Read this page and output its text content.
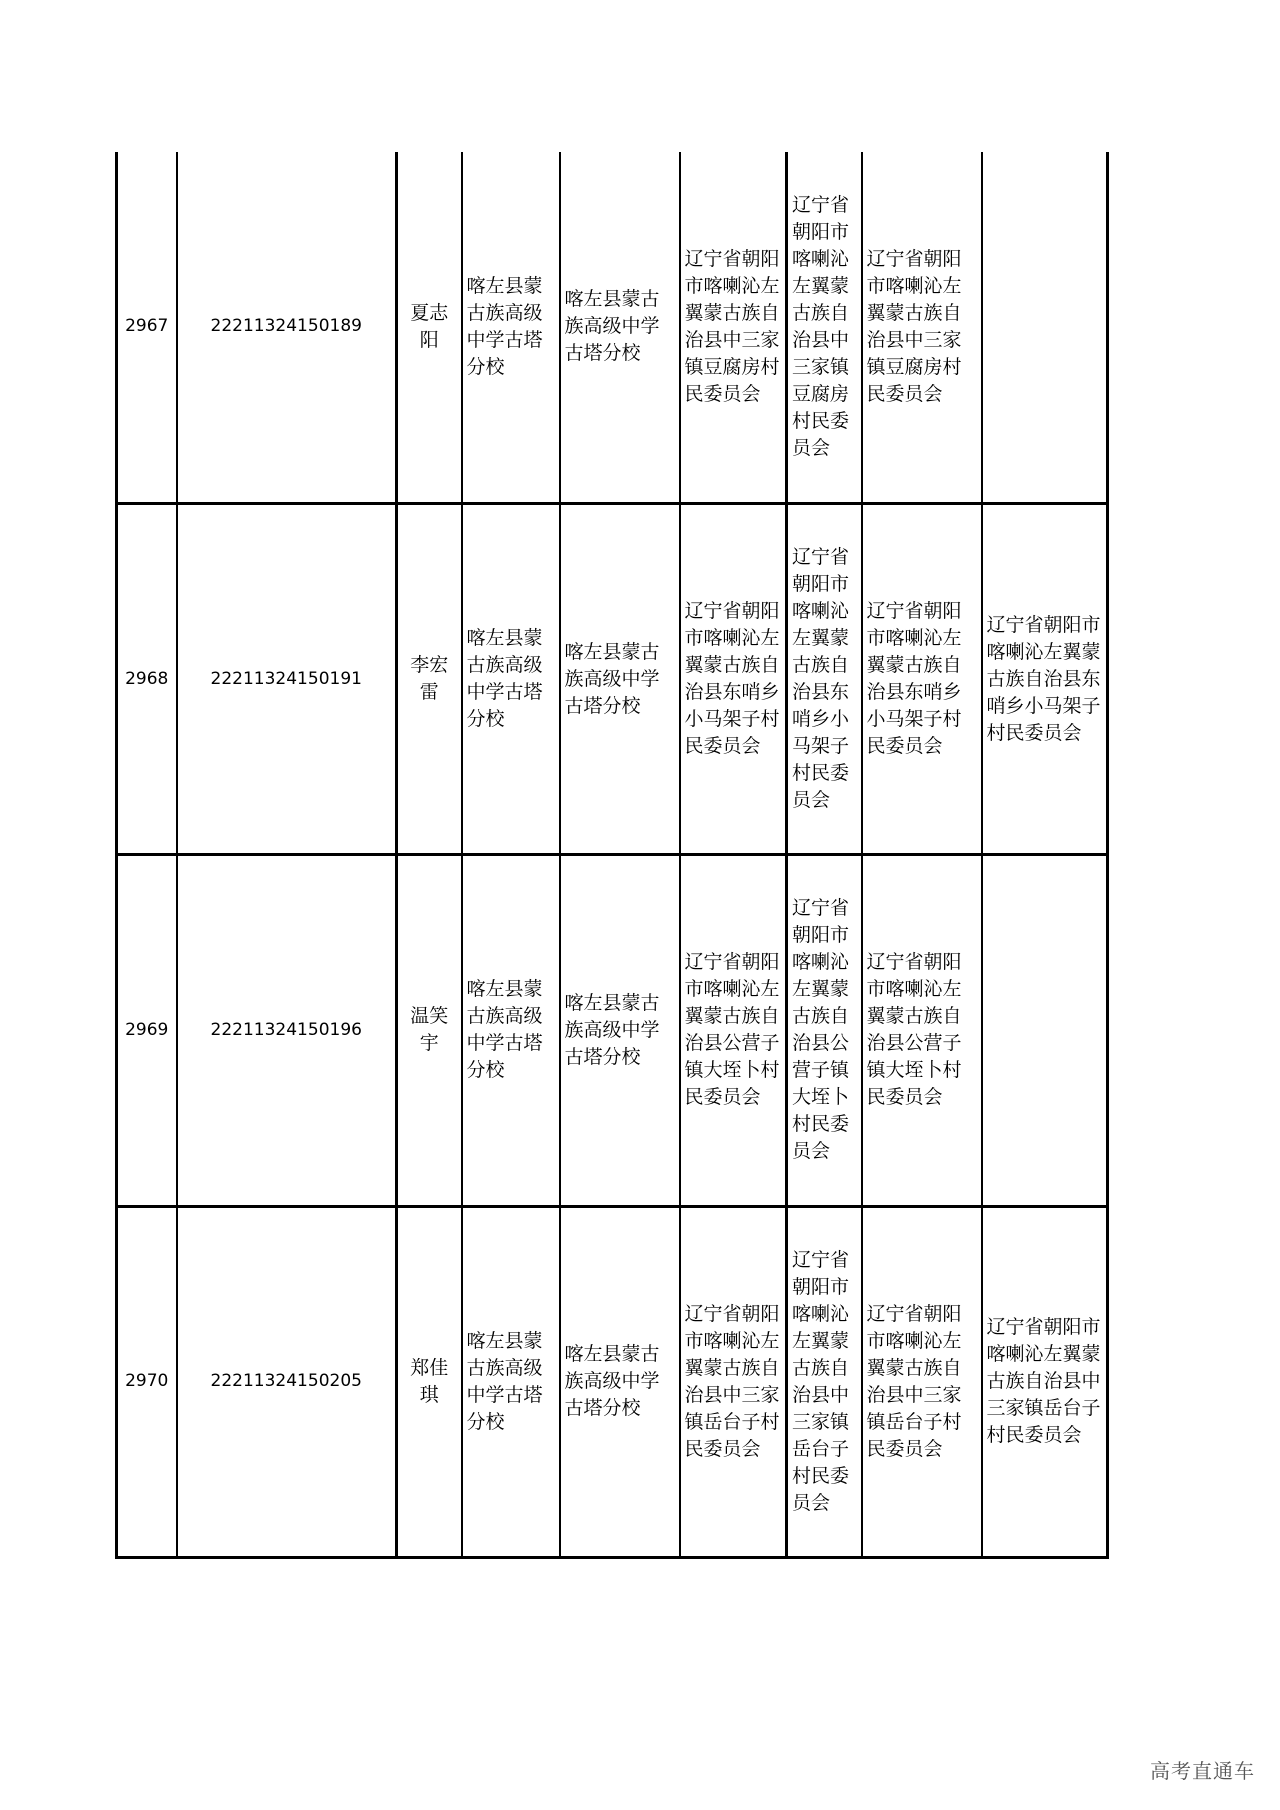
2967	22211324150189	夏志阳	喀左县蒙古族高级中学古塔分校	喀左县蒙古族高级中学古塔分校	辽宁省朝阳市喀喇沁左翼蒙古族自治县中三家镇豆腐房村民委员会	辽宁省朝阳市喀喇沁左翼蒙古族自治县中三家镇豆腐房村民委员会	辽宁省朝阳市喀喇沁左翼蒙古族自治县中三家镇豆腐房村民委员会	
2968	22211324150191	李宏雷	喀左县蒙古族高级中学古塔分校	喀左县蒙古族高级中学古塔分校	辽宁省朝阳市喀喇沁左翼蒙古族自治县东哨乡小马架子村民委员会	辽宁省朝阳市喀喇沁左翼蒙古族自治县东哨乡小马架子村民委员会	辽宁省朝阳市喀喇沁左翼蒙古族自治县东哨乡小马架子村民委员会	辽宁省朝阳市喀喇沁左翼蒙古族自治县东哨乡小马架子村民委员会
2969	22211324150196	温笑宇	喀左县蒙古族高级中学古塔分校	喀左县蒙古族高级中学古塔分校	辽宁省朝阳市喀喇沁左翼蒙古族自治县公营子镇大垤卜村民委员会	辽宁省朝阳市喀喇沁左翼蒙古族自治县公营子镇大垤卜村民委员会	辽宁省朝阳市喀喇沁左翼蒙古族自治县公营子镇大垤卜村民委员会	
2970	22211324150205	郑佳琪	喀左县蒙古族高级中学古塔分校	喀左县蒙古族高级中学古塔分校	辽宁省朝阳市喀喇沁左翼蒙古族自治县中三家镇岳台子村民委员会	辽宁省朝阳市喀喇沁左翼蒙古族自治县中三家镇岳台子村民委员会	辽宁省朝阳市喀喇沁左翼蒙古族自治县中三家镇岳台子村民委员会	辽宁省朝阳市喀喇沁左翼蒙古族自治县中三家镇岳台子村民委员会
高考直通车
